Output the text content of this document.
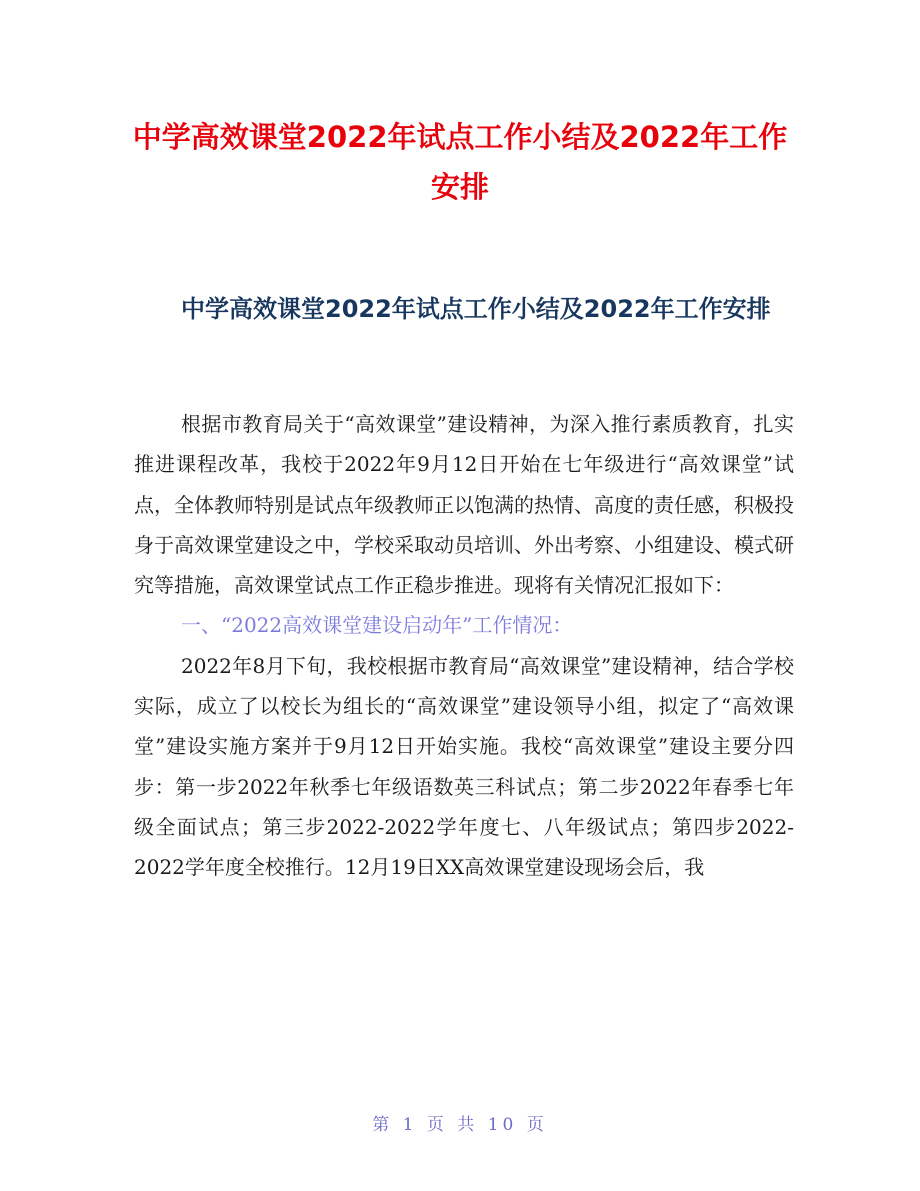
中学高效课堂2022年试点工作小结及2022年工作安排
中学高效课堂2022年试点工作小结及2022年工作安排

根据市教育局关于“高效课堂”建设精神，为深入推行素质教育，扎实推进课程改革，我校于2022年9月12日开始在七年级进行“高效课堂”试点，全体教师特别是试点年级教师正以饱满的热情、高度的责任感，积极投身于高效课堂建设之中，学校采取动员培训、外出考察、小组建设、模式研究等措施，高效课堂试点工作正稳步推进。现将有关情况汇报如下：

一、“2022高效课堂建设启动年”工作情况：

2022年8月下旬，我校根据市教育局“高效课堂”建设精神，结合学校实际，成立了以校长为组长的“高效课堂”建设领导小组，拟定了“高效课堂”建设实施方案并于9月12日开始实施。我校“高效课堂”建设主要分四步：第一步2022年秋季七年级语数英三科试点；第二步2022年春季七年级全面试点；第三步2022-2022学年度七、八年级试点；第四步2022-2022学年度全校推行。12月19日XX高效课堂建设现场会后，我

第 1 页 共 10 页
